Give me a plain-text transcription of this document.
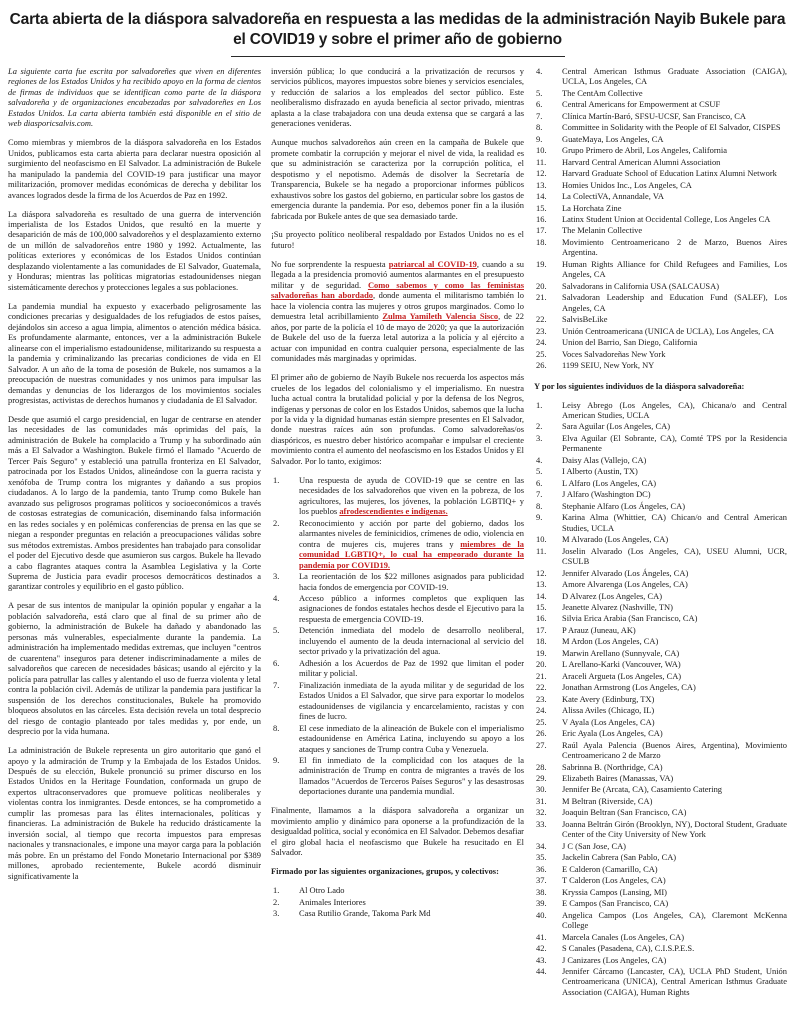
Carta abierta de la diáspora salvadoreña en respuesta a las medidas de la administración Nayib Bukele para el COVID19 y sobre el primer año de gobierno

La siguiente carta fue escrita por salvadoreñes que viven en diferentes regiones de los Estados Unidos y ha recibido apoyo en la forma de cientos de firmas de individuos que se identifican como parte de la diáspora salvadoreña y de organizaciones encabezadas por salvadoreñes en Los Estados Unidos. La carta abierta también está disponible en el sitio de web diasporicsalvis.com.

Como miembras y miembros de la diáspora salvadoreña en los Estados Unidos, publicamos esta carta abierta para declarar nuestra oposición al surgimiento del neofascismo en El Salvador. La administración de Bukele ha manipulado la pandemia del COVID-19 para justificar una mayor militarización, promover medidas económicas de derecha y debilitar los avances logrados desde la firma de los Acuerdos de Paz en 1992.

La diáspora salvadoreña es resultado de una guerra de intervención imperialista de los Estados Unidos, que resultó en la muerte y desaparición de más de 100,000 salvadoreños y el desplazamiento externo de un millón de salvadoreños entre 1980 y 1992. Actualmente, las políticas exteriores y económicas de los Estados Unidos continúan desplazando violentamente a las comunidades de El Salvador, Guatemala, y Honduras; mientras las políticas migratorias estadounidenses niegan sistemáticamente derechos y protecciones legales a sus poblaciones.

La pandemia mundial ha expuesto y exacerbado peligrosamente las condiciones precarias y desigualdades de los refugiados de estos países, dejándolos sin acceso a agua limpia, alimentos o atención médica básica. Es profundamente alarmante, entonces, ver a la administración Bukele alinearse con el imperialismo estadounidense, militarizando su respuesta a la pandemia y criminalizando las precarias condiciones de vida en El Salvador. A un año de la toma de posesión de Bukele, nos sumamos a la preocupación de nuestras comunidades y nos unimos para impulsar las demandas y denuncias de los liderazgos de los movimientos sociales progresistas, activistas de derechos humanos y ciudadanía de El Salvador.

Desde que asumió el cargo presidencial, en lugar de centrarse en atender las necesidades de las comunidades más oprimidas del país, la administración de Bukele ha complacido a Trump y ha subordinado aún más a El Salvador a Washington. Bukele firmó el llamado "Acuerdo de Tercer País Seguro" y estableció una patrulla fronteriza en El Salvador, patrocinada por los Estados Unidos, alineándose con la guerra racista y xenófoba de Trump contra los migrantes y dañando a sus propios ciudadanos. A lo largo de la pandemia, tanto Trump como Bukele han avanzado sus peligrosos programas políticos y socioeconómicos a través de costosas estrategias de comunicación, diseminando falsa información en las redes sociales y en polémicas conferencias de prensa en las que se niegan a responder preguntas en relación a preocupaciones válidas sobre sus métodos extremistas. Ambos presidentes han trabajado para consolidar el poder del Ejecutivo desde que asumieron sus cargos. Bukele ha llevado a cabo flagrantes ataques contra la Asamblea Legislativa y la Corte Suprema de Justicia para evadir procesos democráticos destinados a garantizar controles y equilibrio en el gasto público.

A pesar de sus intentos de manipular la opinión popular y engañar a la población salvadoreña, está claro que al final de su primer año de gobierno, la administración de Bukele ha dañado y abandonado las personas más vulnerables, especialmente durante la pandemia. La administración ha implementado medidas extremas, que incluyen "centros de cuarentena" inseguros para detener indiscriminadamente a miles de salvadoreños que carecen de necesidades básicas; usando al ejército y la policía para patrullar las calles y alentando el uso de fuerza violenta y letal contra la población civil. Además de utilizar la pandemia para justificar la suspensión de los derechos constitucionales, Bukele ha promovido bloqueos absolutos en las cárceles. Esta decisión revela un total desprecio del riesgo de contagio planteado por tales medidas y, por ende, un desprecio por la vida humana.

La administración de Bukele representa un giro autoritario que ganó el apoyo y la admiración de Trump y la Embajada de los Estados Unidos. Después de su elección, Bukele pronunció su primer discurso en los Estados Unidos en la Heritage Foundation, conformada un grupo de expertos ultraconservadores que promueve políticas neoliberales y violentas contra los inmigrantes. Desde entonces, se ha comprometido a cumplir las promesas para las élites internacionales, políticas y financieras. La administración de Bukele ha reducido drásticamente la inversión social, al tiempo que recorta impuestos para empresas nacionales y transnacionales, e impone una mayor carga para la población más pobre. En un préstamo del Fondo Monetario Internacional por $389 millones, aprobado recientemente, Bukele acordó disminuir significativamente la

inversión pública; lo que conducirá a la privatización de recursos y servicios públicos, mayores impuestos sobre bienes y servicios esenciales, y reducción de salarios a los empleados del sector público. Este neoliberalismo disfrazado en ayuda beneficia al sector privado, mientras aplasta a la clase trabajadora con una deuda extensa que se cargará a las generaciones venideras.

Aunque muchos salvadoreños aún creen en la campaña de Bukele que promete combatir la corrupción y mejorar el nivel de vida, la realidad es que su administración se caracteriza por la corrupción política, el despotismo y el nepotismo. Además de disolver la Secretaría de Transparencia, Bukele se ha negado a proporcionar informes públicos exhaustivos sobre los gastos del gobierno, en particular sobre los gastos de emergencia durante la pandemia. Por eso, debemos poner fin a la ilusión fabricada por Bukele antes de que sea demasiado tarde.

¡Su proyecto político neoliberal respaldado por Estados Unidos no es el futuro!

No fue sorprendente la respuesta patriarcal al COVID-19, cuando a su llegada a la presidencia promovió aumentos alarmantes en el presupuesto militar y de seguridad. Como sabemos y como las feministas salvadoreñas han abordado, donde aumenta el militarismo también lo hace la violencia contra las mujeres y otros grupos marginados. Como lo demuestra letal acribillamiento Zulma Yamileth Valencia Sisco, de 22 años, por parte de la policía el 10 de mayo de 2020; ya que la autorización de Bukele del uso de la fuerza letal autoriza a la policía y al ejército a actuar con impunidad en contra cualquier persona, especialmente de las comunidades más marginadas y oprimidas.

El primer año de gobierno de Nayib Bukele nos recuerda los aspectos más crueles de los legados del colonialismo y el imperialismo. En nuestra lucha actual contra la brutalidad policial y por la defensa de los Negros, indígenas y personas de color en los Estados Unidos, sabemos que la lucha por la vida y la dignidad humanas están siempre presentes en El Salvador, donde nuestras raíces aún son profundas. Como salvadoreñas/os diaspóricos, es nuestro deber histórico acompañar e impulsar el creciente movimiento contra el aumento del neofascismo en los Estados Unidos y El Salvador. Por lo tanto, exigimos:

Una respuesta de ayuda de COVID-19 que se centre en las necesidades de los salvadoreños que viven en la pobreza, de los agricultores, las mujeres, los jóvenes, la población LGBTIQ+ y los pueblos afrodescendientes e indígenas.
Reconocimiento y acción por parte del gobierno, dados los alarmantes niveles de feminicidios, crímenes de odio, violencia en contra de mujeres cis, mujeres trans y miembres de la comunidad LGBTIQ+, lo cual ha empeorado durante la pandemia por COVID19.
La reorientación de los $22 millones asignados para publicidad hacia fondos de emergencia por COVID-19.
Acceso público a informes completos que expliquen las asignaciones de fondos estatales hechos desde el Ejecutivo para la respuesta de emergencia COVID-19.
Detención inmediata del modelo de desarrollo neoliberal, incluyendo el aumento de la deuda internacional al servicio del sector privado y la privatización del agua.
Adhesión a los Acuerdos de Paz de 1992 que limitan el poder militar y policial.
Finalización inmediata de la ayuda militar y de seguridad de los Estados Unidos a El Salvador, que sirve para exportar lo modelos estadounidenses de vigilancia y encarcelamiento, racistas y con fines de lucro.
El cese inmediato de la alineación de Bukele con el imperialismo estadounidense en América Latina, incluyendo su apoyo a los ataques y sanciones de Trump contra Cuba y Venezuela.
El fin inmediato de la complicidad con los ataques de la administración de Trump en contra de migrantes a través de los llamados "Acuerdos de Terceros Países Seguros" y las desastrosas deportaciones durante una pandemia mundial.

Finalmente, llamamos a la diáspora salvadoreña a organizar un movimiento amplio y dinámico para oponerse a la profundización de la desigualdad política, social y económica en El Salvador. Debemos desafiar el giro global hacia el neofascismo que Bukele ha resucitado en El Salvador.

Firmado por las siguientes organizaciones, grupos, y colectivos:

Al Otro Lado
Animales Interiores
Casa Rutilio Grande, Takoma Park Md
Central American Isthmus Graduate Association (CAIGA), UCLA, Los Angeles, CA
The CentAm Collective
Central Americans for Empowerment at CSUF
Clínica Martín-Baró, SFSU-UCSF, San Francisco, CA
Committee in Solidarity with the People of El Salvador, CISPES
GuateMaya, Los Angeles, CA
Grupo Primero de Abril, Los Angeles, California
Harvard Central American Alumni Association
Harvard Graduate School of Education Latinx Alumni Network
Homies Unidos Inc., Los Angeles, CA
La ColectiVA, Annandale, VA
La Horchata Zine
Latinx Student Union at Occidental College, Los Angeles CA
The Melanin Collective
Movimiento Centroamericano 2 de Marzo, Buenos Aires Argentina.
Human Rights Alliance for Child Refugees and Families, Los Angeles, CA
Salvadorans in California USA (SALCAUSA)
Salvadoran Leadership and Education Fund (SALEF), Los Angeles, CA
SalvisBeLike
Unión Centroamericana (UNICA de UCLA), Los Angeles, CA
Union del Barrio, San Diego, California
Voces Salvadoreñas New York
1199 SEIU, New York, NY

Y por los siguientes individuos de la diáspora salvadoreña:

Leisy Abrego (Los Angeles, CA), Chicana/o and Central American Studies, UCLA
Sara Aguilar (Los Angeles, CA)
Elva Aguilar (El Sobrante, CA), Comté TPS por la Residencia Permanente
Daisy Alas (Vallejo, CA)
I Alberto (Austin, TX)
L Alfaro (Los Angeles, CA)
J Alfaro (Washington DC)
Stephanie Alfaro (Los Ángeles, CA)
Karina Alma (Whittier, CA) Chican/o and Central American Studies, UCLA
M Alvarado (Los Angeles, CA)
Joselin Alvarado (Los Angeles, CA), USEU Alumni, UCR, CSULB
Jennifer Alvarado (Los Ángeles, CA)
Amore Alvarenga (Los Angeles, CA)
D Alvarez (Los Angeles, CA)
Jeanette Alvarez (Nashville, TN)
Silvia Erica Arabia (San Francisco, CA)
P Arauz (Juneau, AK)
M Ardon (Los Angeles, CA)
Marwin Arellano (Sunnyvale, CA)
L Arellano-Karki (Vancouver, WA)
Araceli Argueta (Los Angeles, CA)
Jonathan Armstrong (Los Angeles, CA)
Kate Avery (Edinburg, TX)
Alissa Aviles (Chicago, IL)
V Ayala (Los Angeles, CA)
Eric Ayala (Los Angeles, CA)
Raúl Ayala Palencia (Buenos Aires, Argentina), Movimiento Centroamericano 2 de Marzo
Sabrinna B. (Northridge, CA)
Elizabeth Baires (Manassas, VA)
Jennifer Be (Arcata, CA), Casamiento Catering
M Beltran (Riverside, CA)
Joaquin Beltran (San Francisco, CA)
Joanna Beltrán Girón (Brooklyn, NY), Doctoral Student, Graduate Center of the City University of New York
J C (San Jose, CA)
Jackelin Cabrera (San Pablo, CA)
E Calderon (Camarillo, CA)
T Calderon (Los Angeles, CA)
Kryssia Campos (Lansing, MI)
E Campos (San Francisco, CA)
Angelica Campos (Los Angeles, CA), Claremont McKenna College
Marcela Canales (Los Angeles, CA)
S Canales (Pasadena, CA), C.I.S.P.E.S.
J Canizares (Los Angeles, CA)
Jennifer Cárcamo (Lancaster, CA), UCLA PhD Student, Unión Centroamericana (UNICA), Central American Isthmus Graduate Association (CAIGA), Human Rights
